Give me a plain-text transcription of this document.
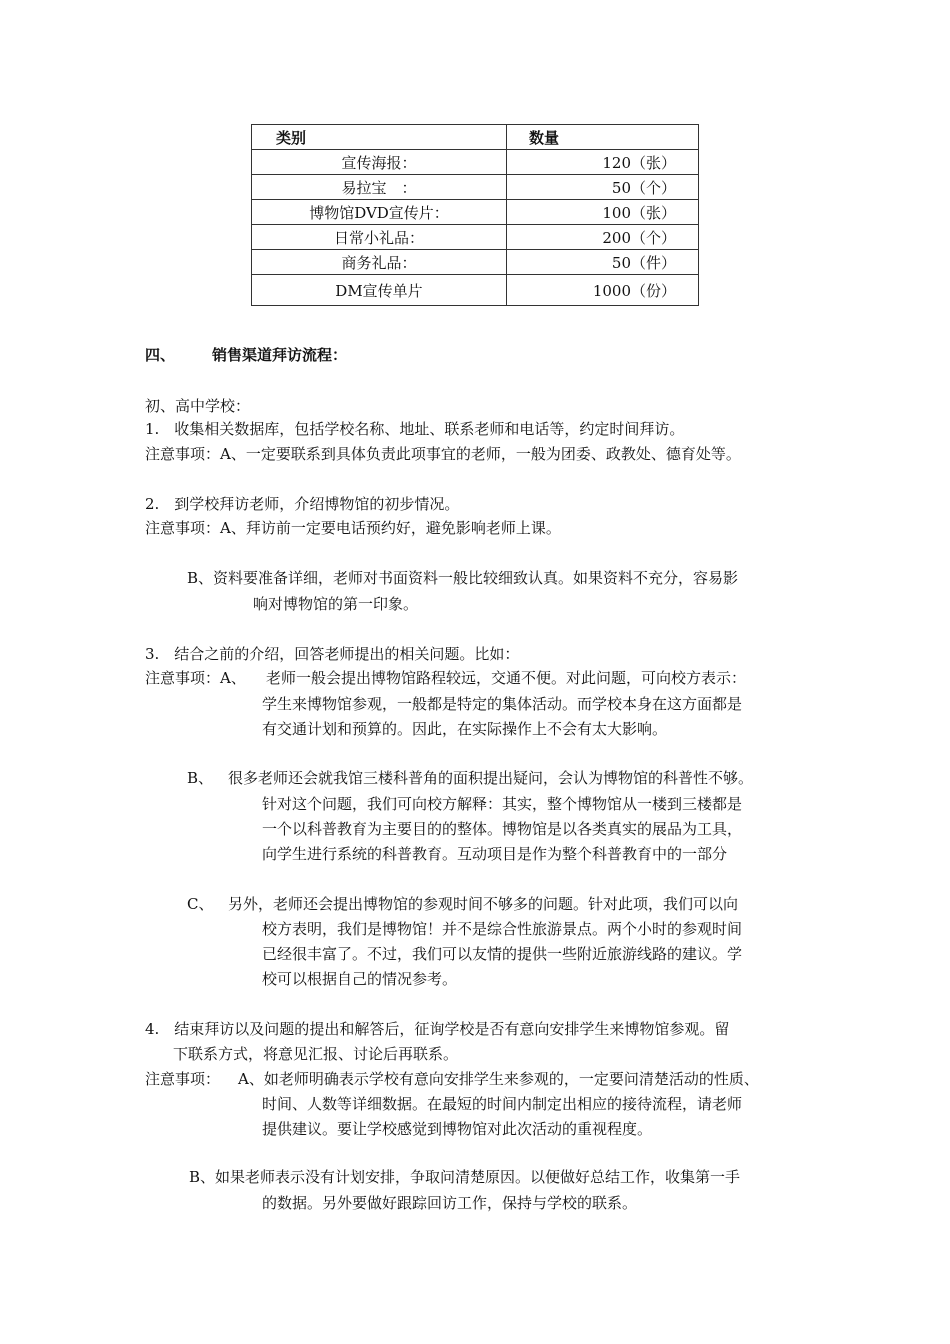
类别	数量
宣传海报：	120（张）
易拉宝　：	50（个）
博物馆DVD宣传片：	100（张）
日常小礼品：	200（个）
商务礼品：	50（件）
DM宣传单片	1000（份）
四、 销售渠道拜访流程：
初、高中学校：
1.　收集相关数据库，包括学校名称、地址、联系老师和电话等，约定时间拜访。
注意事项：A、一定要联系到具体负责此项事宜的老师，一般为团委、政教处、德育处等。
2.　到学校拜访老师，介绍博物馆的初步情况。
注意事项：A、拜访前一定要电话预约好，避免影响老师上课。
B、资料要准备详细，老师对书面资料一般比较细致认真。如果资料不充分，容易影
响对博物馆的第一印象。
3.　结合之前的介绍，回答老师提出的相关问题。比如：
注意事项：A、 老师一般会提出博物馆路程较远，交通不便。对此问题，可向校方表示：
学生来博物馆参观，一般都是特定的集体活动。而学校本身在这方面都是
有交通计划和预算的。因此，在实际操作上不会有太大影响。
B、 很多老师还会就我馆三楼科普角的面积提出疑问，会认为博物馆的科普性不够。
针对这个问题，我们可向校方解释：其实，整个博物馆从一楼到三楼都是
一个以科普教育为主要目的的整体。博物馆是以各类真实的展品为工具，
向学生进行系统的科普教育。互动项目是作为整个科普教育中的一部分
C、 另外，老师还会提出博物馆的参观时间不够多的问题。针对此项，我们可以向
校方表明，我们是博物馆！并不是综合性旅游景点。两个小时的参观时间
已经很丰富了。不过，我们可以友情的提供一些附近旅游线路的建议。学
校可以根据自己的情况参考。
4.　结束拜访以及问题的提出和解答后，征询学校是否有意向安排学生来博物馆参观。留
下联系方式，将意见汇报、讨论后再联系。
注意事项： A、如老师明确表示学校有意向安排学生来参观的，一定要问清楚活动的性质、
时间、人数等详细数据。在最短的时间内制定出相应的接待流程，请老师
提供建议。要让学校感觉到博物馆对此次活动的重视程度。
B、如果老师表示没有计划安排，争取问清楚原因。以便做好总结工作，收集第一手
的数据。另外要做好跟踪回访工作，保持与学校的联系。
